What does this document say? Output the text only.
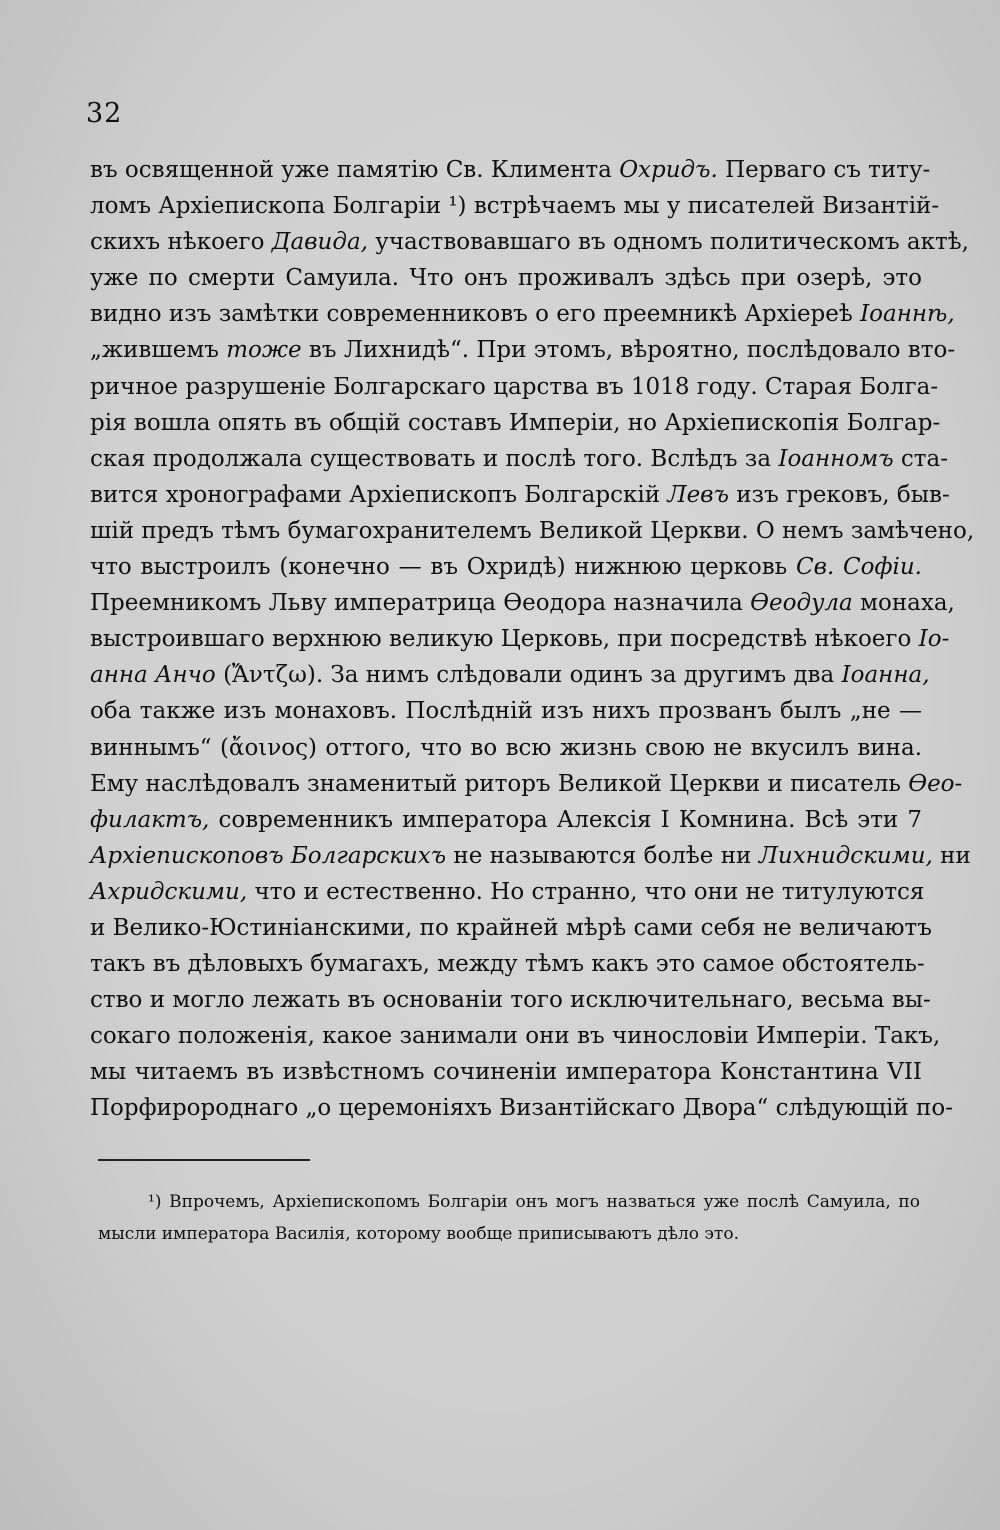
32
въ освященной уже памятію Св. Климента Охридъ. Перваго съ титу-
ломъ Архіепископа Болгаріи ¹) встрѣчаемъ мы у писателей Византій-
скихъ нѣкоего Давида, участвовавшаго въ одномъ политическомъ актѣ,
уже по смерти Самуила. Что онъ проживалъ здѣсь при озерѣ, это
видно изъ замѣтки современниковъ о его преемникѣ Архіереѣ Іоаннѣ,
„жившемъ тоже въ Лихнидѣ“. При этомъ, вѣроятно, послѣдовало вто-
ричное разрушеніе Болгарскаго царства въ 1018 году. Старая Болга-
рія вошла опять въ общій составъ Имперіи, но Архіепископія Болгар-
ская продолжала существовать и послѣ того. Вслѣдъ за Іоанномъ ста-
вится хронографами Архіепископъ Болгарскій Левъ изъ грековъ, быв-
шій предъ тѣмъ бумагохранителемъ Великой Церкви. О немъ замѣчено,
что выстроилъ (конечно — въ Охридѣ) нижнюю церковь Св. Софіи.
Преемникомъ Льву императрица Ѳеодора назначила Ѳеодула монаха,
выстроившаго верхнюю великую Церковь, при посредствѣ нѣкоего Іо-
анна Анчо (Ἄντζω). За нимъ слѣдовали одинъ за другимъ два Іоанна,
оба также изъ монаховъ. Послѣдній изъ нихъ прозванъ былъ „не —
виннымъ“ (ἄοινος) оттого, что во всю жизнь свою не вкусилъ вина.
Ему наслѣдовалъ знаменитый риторъ Великой Церкви и писатель Ѳео-
филактъ, современникъ императора Алексія I Комнина. Всѣ эти 7
Архіепископовъ Болгарскихъ не называются болѣе ни Лихнидскими, ни
Ахридскими, что и естественно. Но странно, что они не титулуются
и Велико-Юстиніанскими, по крайней мѣрѣ сами себя не величаютъ
такъ въ дѣловыхъ бумагахъ, между тѣмъ какъ это самое обстоятель-
ство и могло лежать въ основаніи того исключительнаго, весьма вы-
сокаго положенія, какое занимали они въ чинословіи Имперіи. Такъ,
мы читаемъ въ извѣстномъ сочиненіи императора Константина VII
Порфиророднаго „о церемоніяхъ Византійскаго Двора“ слѣдующій по-
¹) Впрочемъ, Архіепископомъ Болгаріи онъ могъ назваться уже послѣ Самуила, по
мысли императора Василія, которому вообще приписываютъ дѣло это.
